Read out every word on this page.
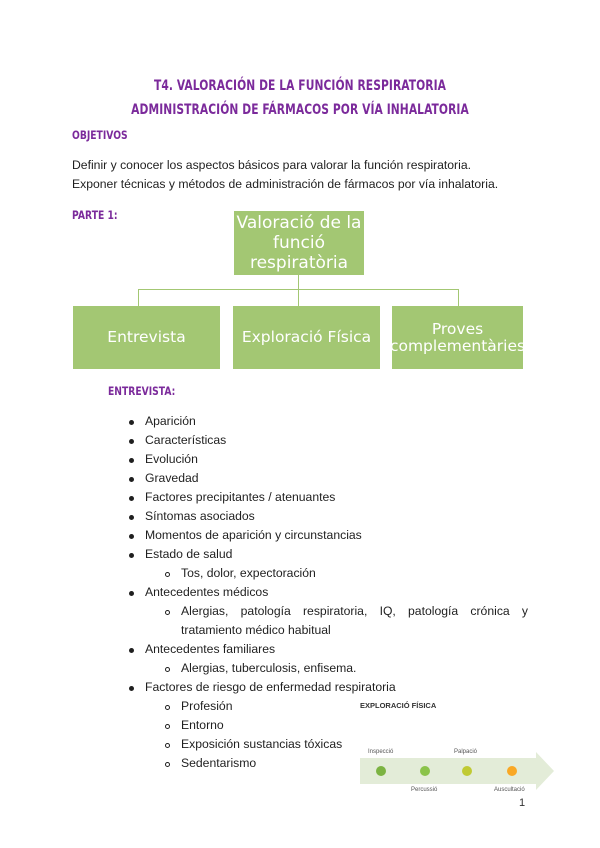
T4. VALORACIÓN DE LA FUNCIÓN RESPIRATORIA
ADMINISTRACIÓN DE FÁRMACOS POR VÍA INHALATORIA
OBJETIVOS
Definir y conocer los aspectos básicos para valorar la función respiratoria.
Exponer técnicas y métodos de administración de fármacos por vía inhalatoria.
PARTE 1:	Valoració de la funció respiratòria
Entrevista	Exploració Física	Proves complementàries
ENTREVISTA:
Aparición
Características
Evolución
Gravedad
Factores precipitantes / atenuantes
Síntomas asociados
Momentos de aparición y circunstancias
Estado de salud
Tos, dolor, expectoración
Antecedentes médicos
Alergias, patología respiratoria, IQ, patología crónica y
tratamiento médico habitual
Antecedentes familiares
Alergias, tuberculosis, enfisema.
Factores de riesgo de enfermedad respiratoria
Profesión
Entorno
Exposición sustancias tóxicas
Sedentarismo
EXPLORACIÓ FÍSICA
Inspecció	Palpació
Percussió	Auscultació
1
